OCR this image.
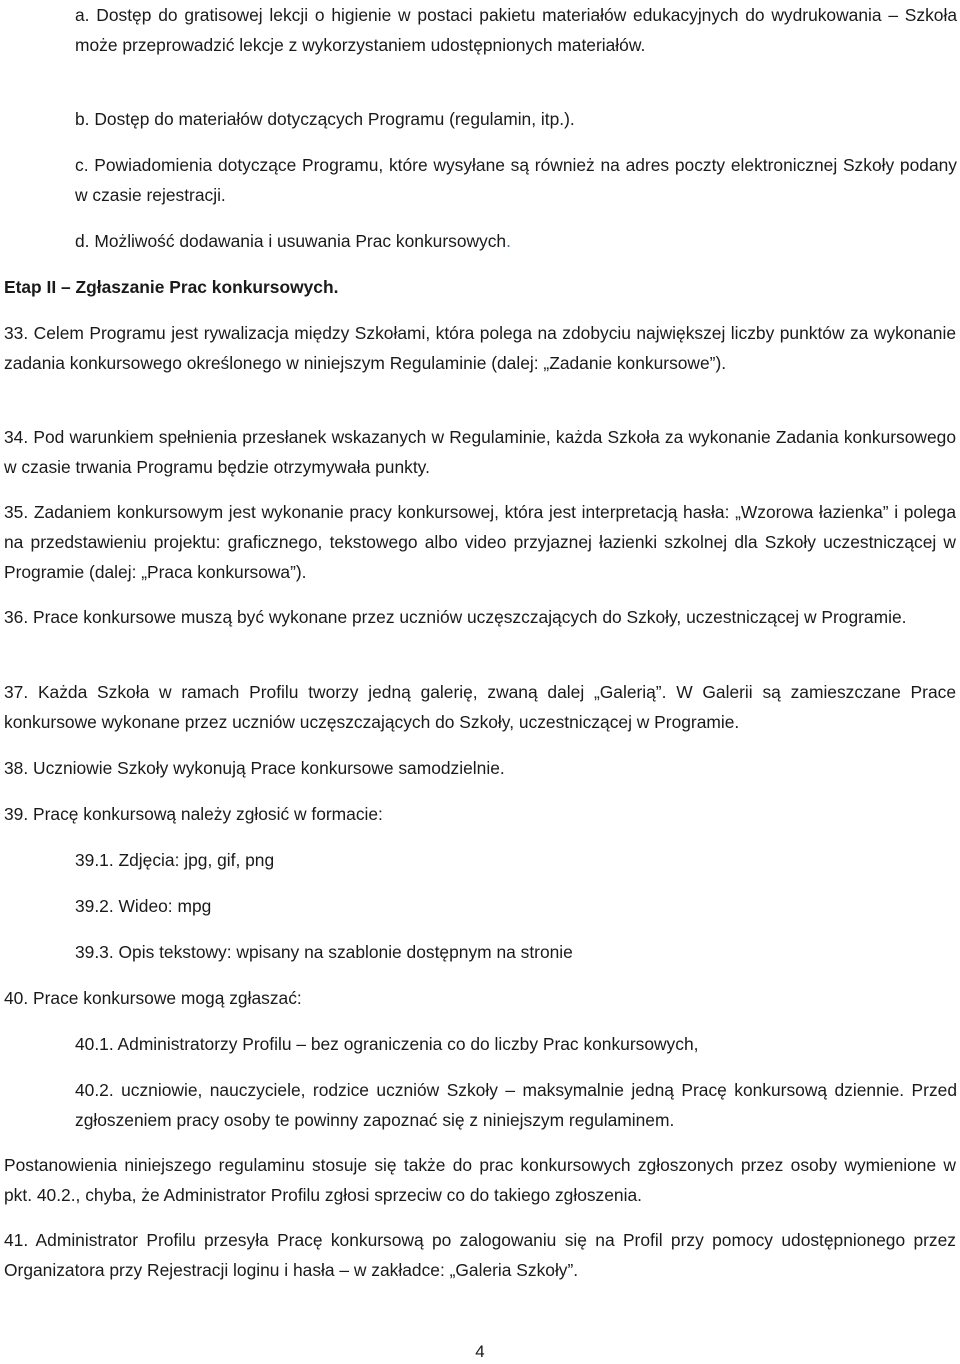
a. Dostęp do gratisowej lekcji o higienie w postaci pakietu materiałów edukacyjnych do wydrukowania – Szkoła może przeprowadzić lekcje z wykorzystaniem udostępnionych materiałów.

b. Dostęp do materiałów dotyczących Programu (regulamin, itp.).

c. Powiadomienia dotyczące Programu, które wysyłane są również na adres poczty elektronicznej Szkoły podany w czasie rejestracji.

d. Możliwość dodawania i usuwania Prac konkursowych.

Etap II – Zgłaszanie Prac konkursowych.

33. Celem Programu jest rywalizacja między Szkołami, która polega na zdobyciu największej liczby punktów za wykonanie zadania konkursowego określonego w niniejszym Regulaminie (dalej: „Zadanie konkursowe”).

34. Pod warunkiem spełnienia przesłanek wskazanych w Regulaminie, każda Szkoła za wykonanie Zadania konkursowego w czasie trwania Programu będzie otrzymywała punkty.

35. Zadaniem konkursowym jest wykonanie pracy konkursowej, która jest interpretacją hasła: „Wzorowa łazienka” i polega na przedstawieniu projektu: graficznego, tekstowego albo video przyjaznej łazienki szkolnej dla Szkoły uczestniczącej w Programie (dalej: „Praca konkursowa”).

36. Prace konkursowe muszą być wykonane przez uczniów uczęszczających do Szkoły, uczestniczącej w Programie.

37. Każda Szkoła w ramach Profilu tworzy jedną galerię, zwaną dalej „Galerią”. W Galerii są zamieszczane Prace konkursowe wykonane przez uczniów uczęszczających do Szkoły, uczestniczącej w Programie.

38. Uczniowie Szkoły wykonują Prace konkursowe samodzielnie.

39. Pracę konkursową należy zgłosić w formacie:

39.1. Zdjęcia: jpg, gif, png

39.2. Wideo: mpg

39.3. Opis tekstowy: wpisany na szablonie dostępnym na stronie

40. Prace konkursowe mogą zgłaszać:

40.1. Administratorzy Profilu – bez ograniczenia co do liczby Prac konkursowych,

40.2. uczniowie, nauczyciele, rodzice uczniów Szkoły – maksymalnie jedną Pracę konkursową dziennie. Przed zgłoszeniem pracy osoby te powinny zapoznać się z niniejszym regulaminem.

Postanowienia niniejszego regulaminu stosuje się także do prac konkursowych zgłoszonych przez osoby wymienione w pkt. 40.2., chyba, że Administrator Profilu zgłosi sprzeciw co do takiego zgłoszenia.

41. Administrator Profilu przesyła Pracę konkursową po zalogowaniu się na Profil przy pomocy udostępnionego przez Organizatora przy Rejestracji loginu i hasła – w zakładce: „Galeria Szkoły”.

4
